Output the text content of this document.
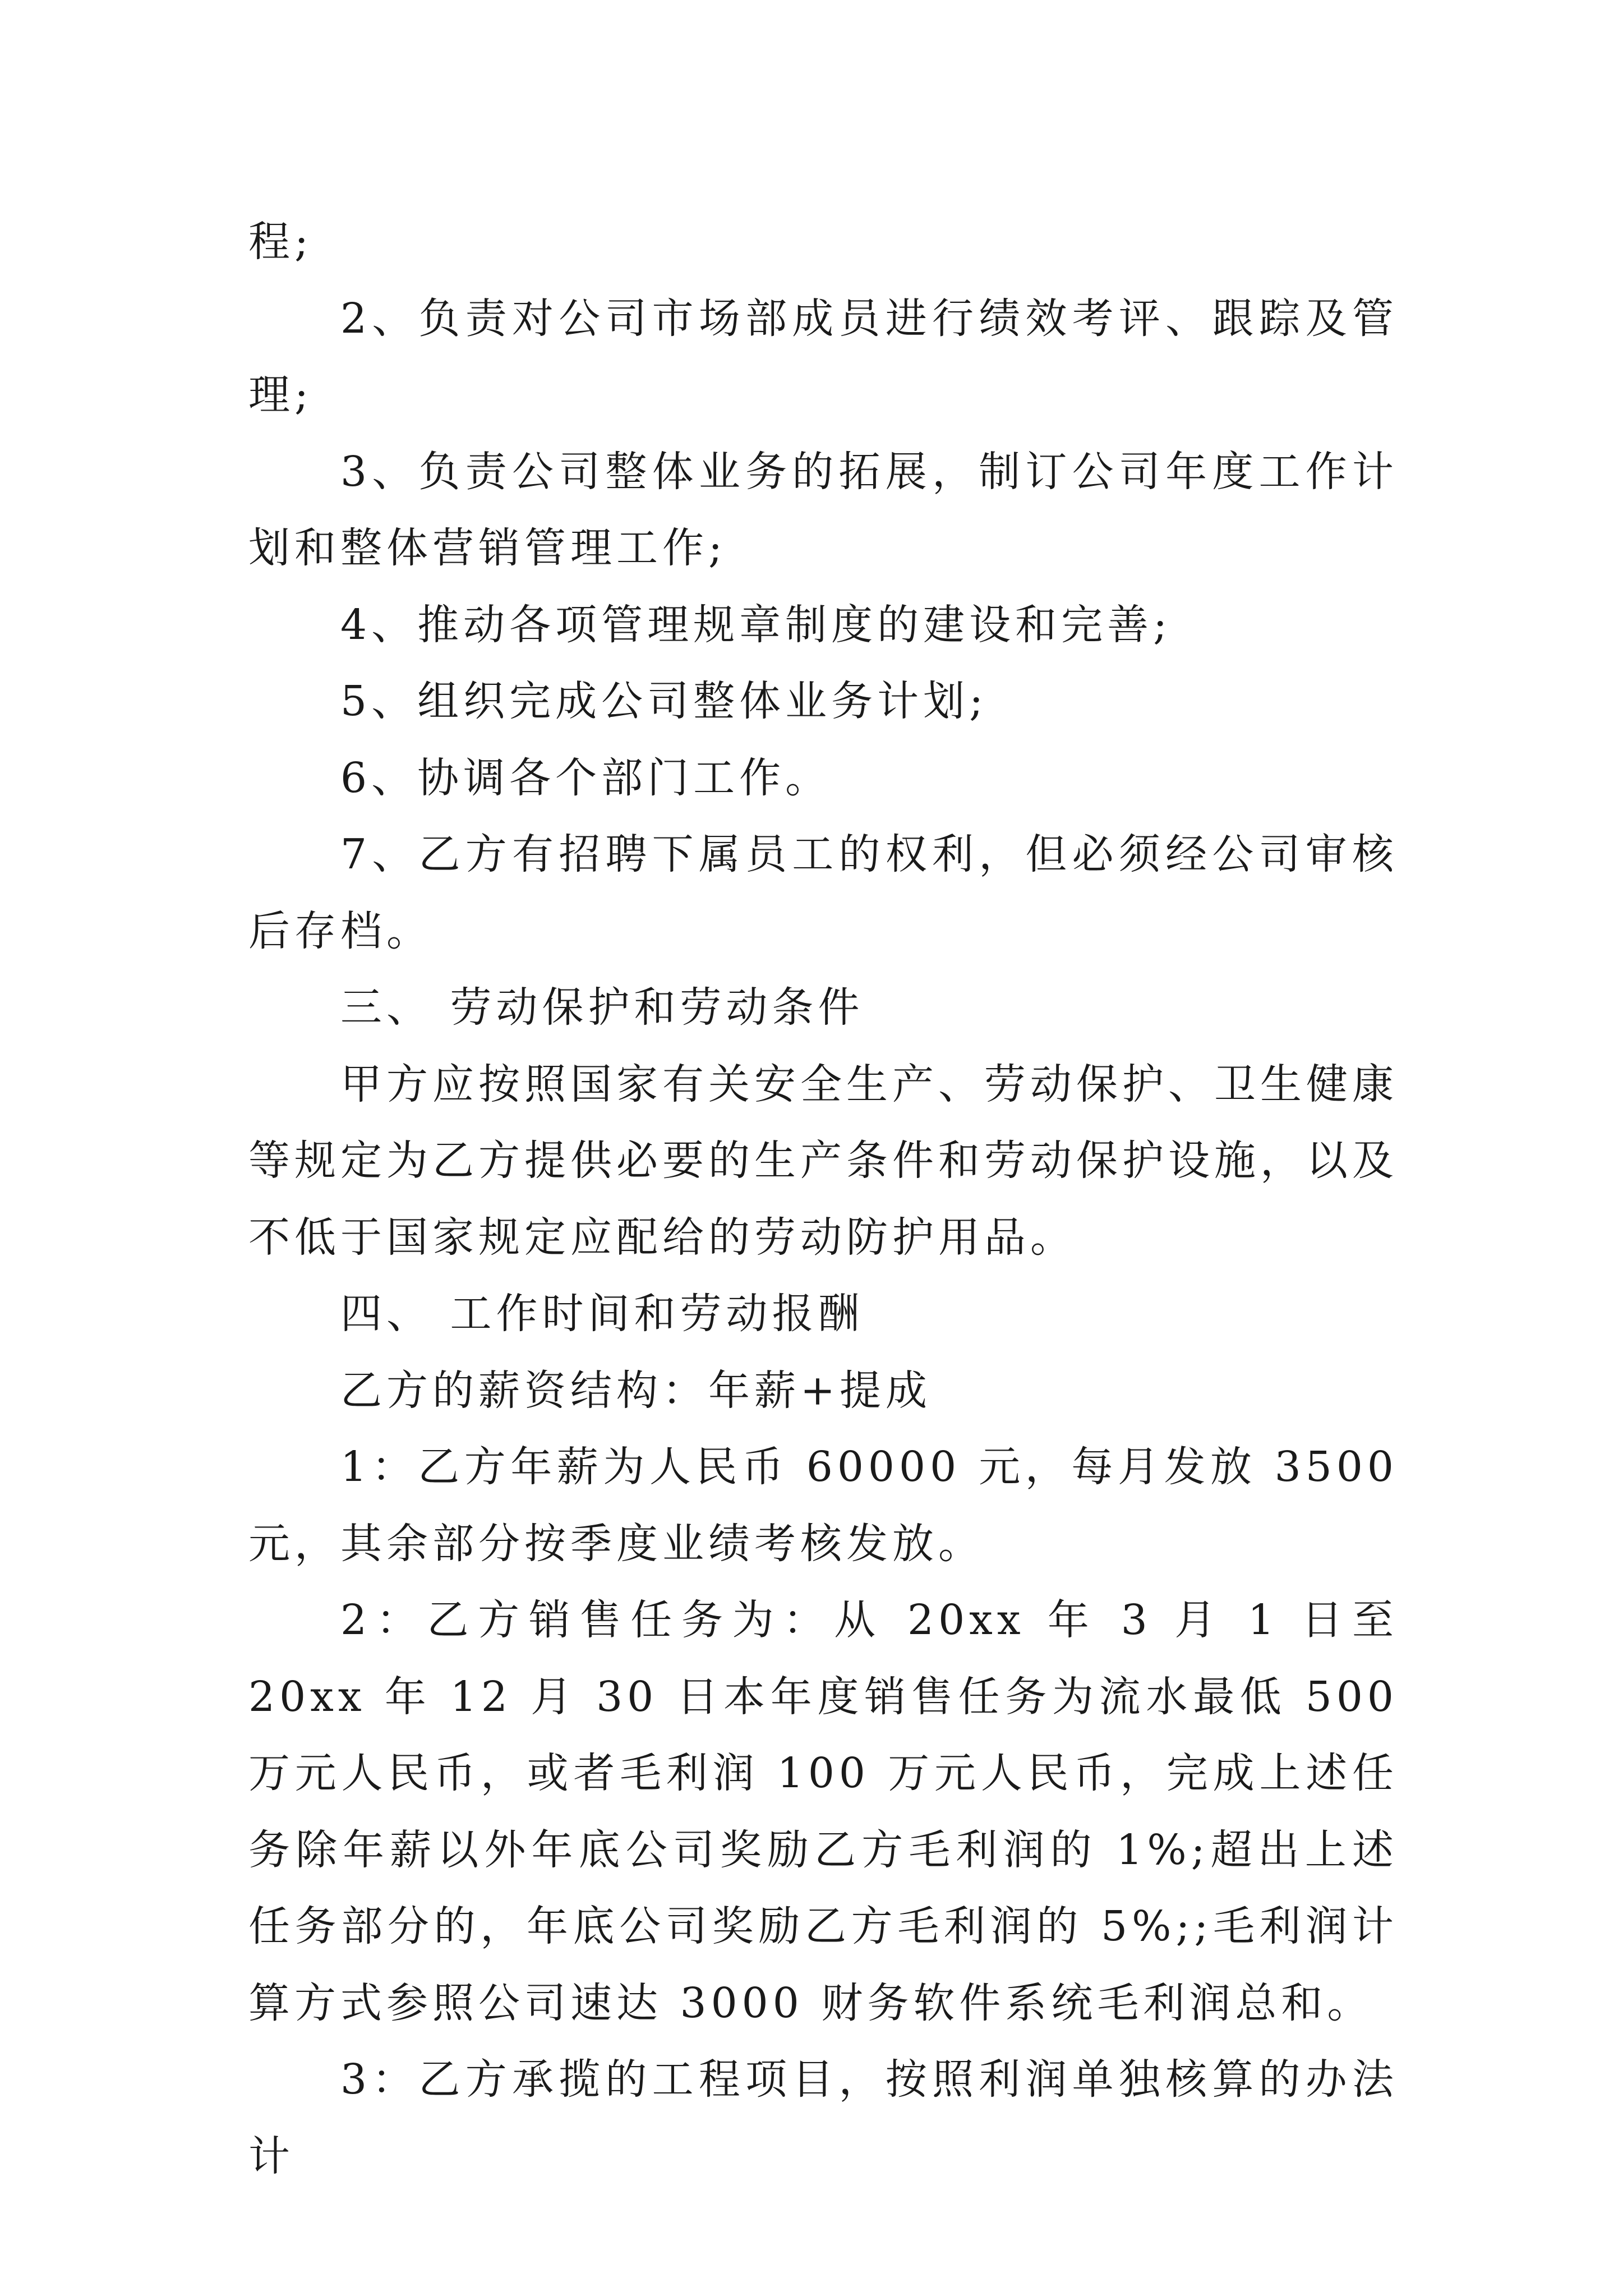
程;

2、负责对公司市场部成员进行绩效考评、跟踪及管理;

3、负责公司整体业务的拓展，制订公司年度工作计划和整体营销管理工作;

4、推动各项管理规章制度的建设和完善;

5、组织完成公司整体业务计划;

6、协调各个部门工作。

7、乙方有招聘下属员工的权利，但必须经公司审核后存档。

三、 劳动保护和劳动条件

甲方应按照国家有关安全生产、劳动保护、卫生健康等规定为乙方提供必要的生产条件和劳动保护设施，以及不低于国家规定应配给的劳动防护用品。

四、 工作时间和劳动报酬

乙方的薪资结构：年薪+提成

1：乙方年薪为人民币 60000 元，每月发放 3500 元，其余部分按季度业绩考核发放。

2：乙方销售任务为：从 20xx 年 3 月 1 日至 20xx 年 12 月 30 日本年度销售任务为流水最低 500 万元人民币，或者毛利润 100 万元人民币，完成上述任务除年薪以外年底公司奖励乙方毛利润的 1%;超出上述任务部分的，年底公司奖励乙方毛利润的 5%;;毛利润计算方式参照公司速达 3000 财务软件系统毛利润总和。

3：乙方承揽的工程项目，按照利润单独核算的办法计
